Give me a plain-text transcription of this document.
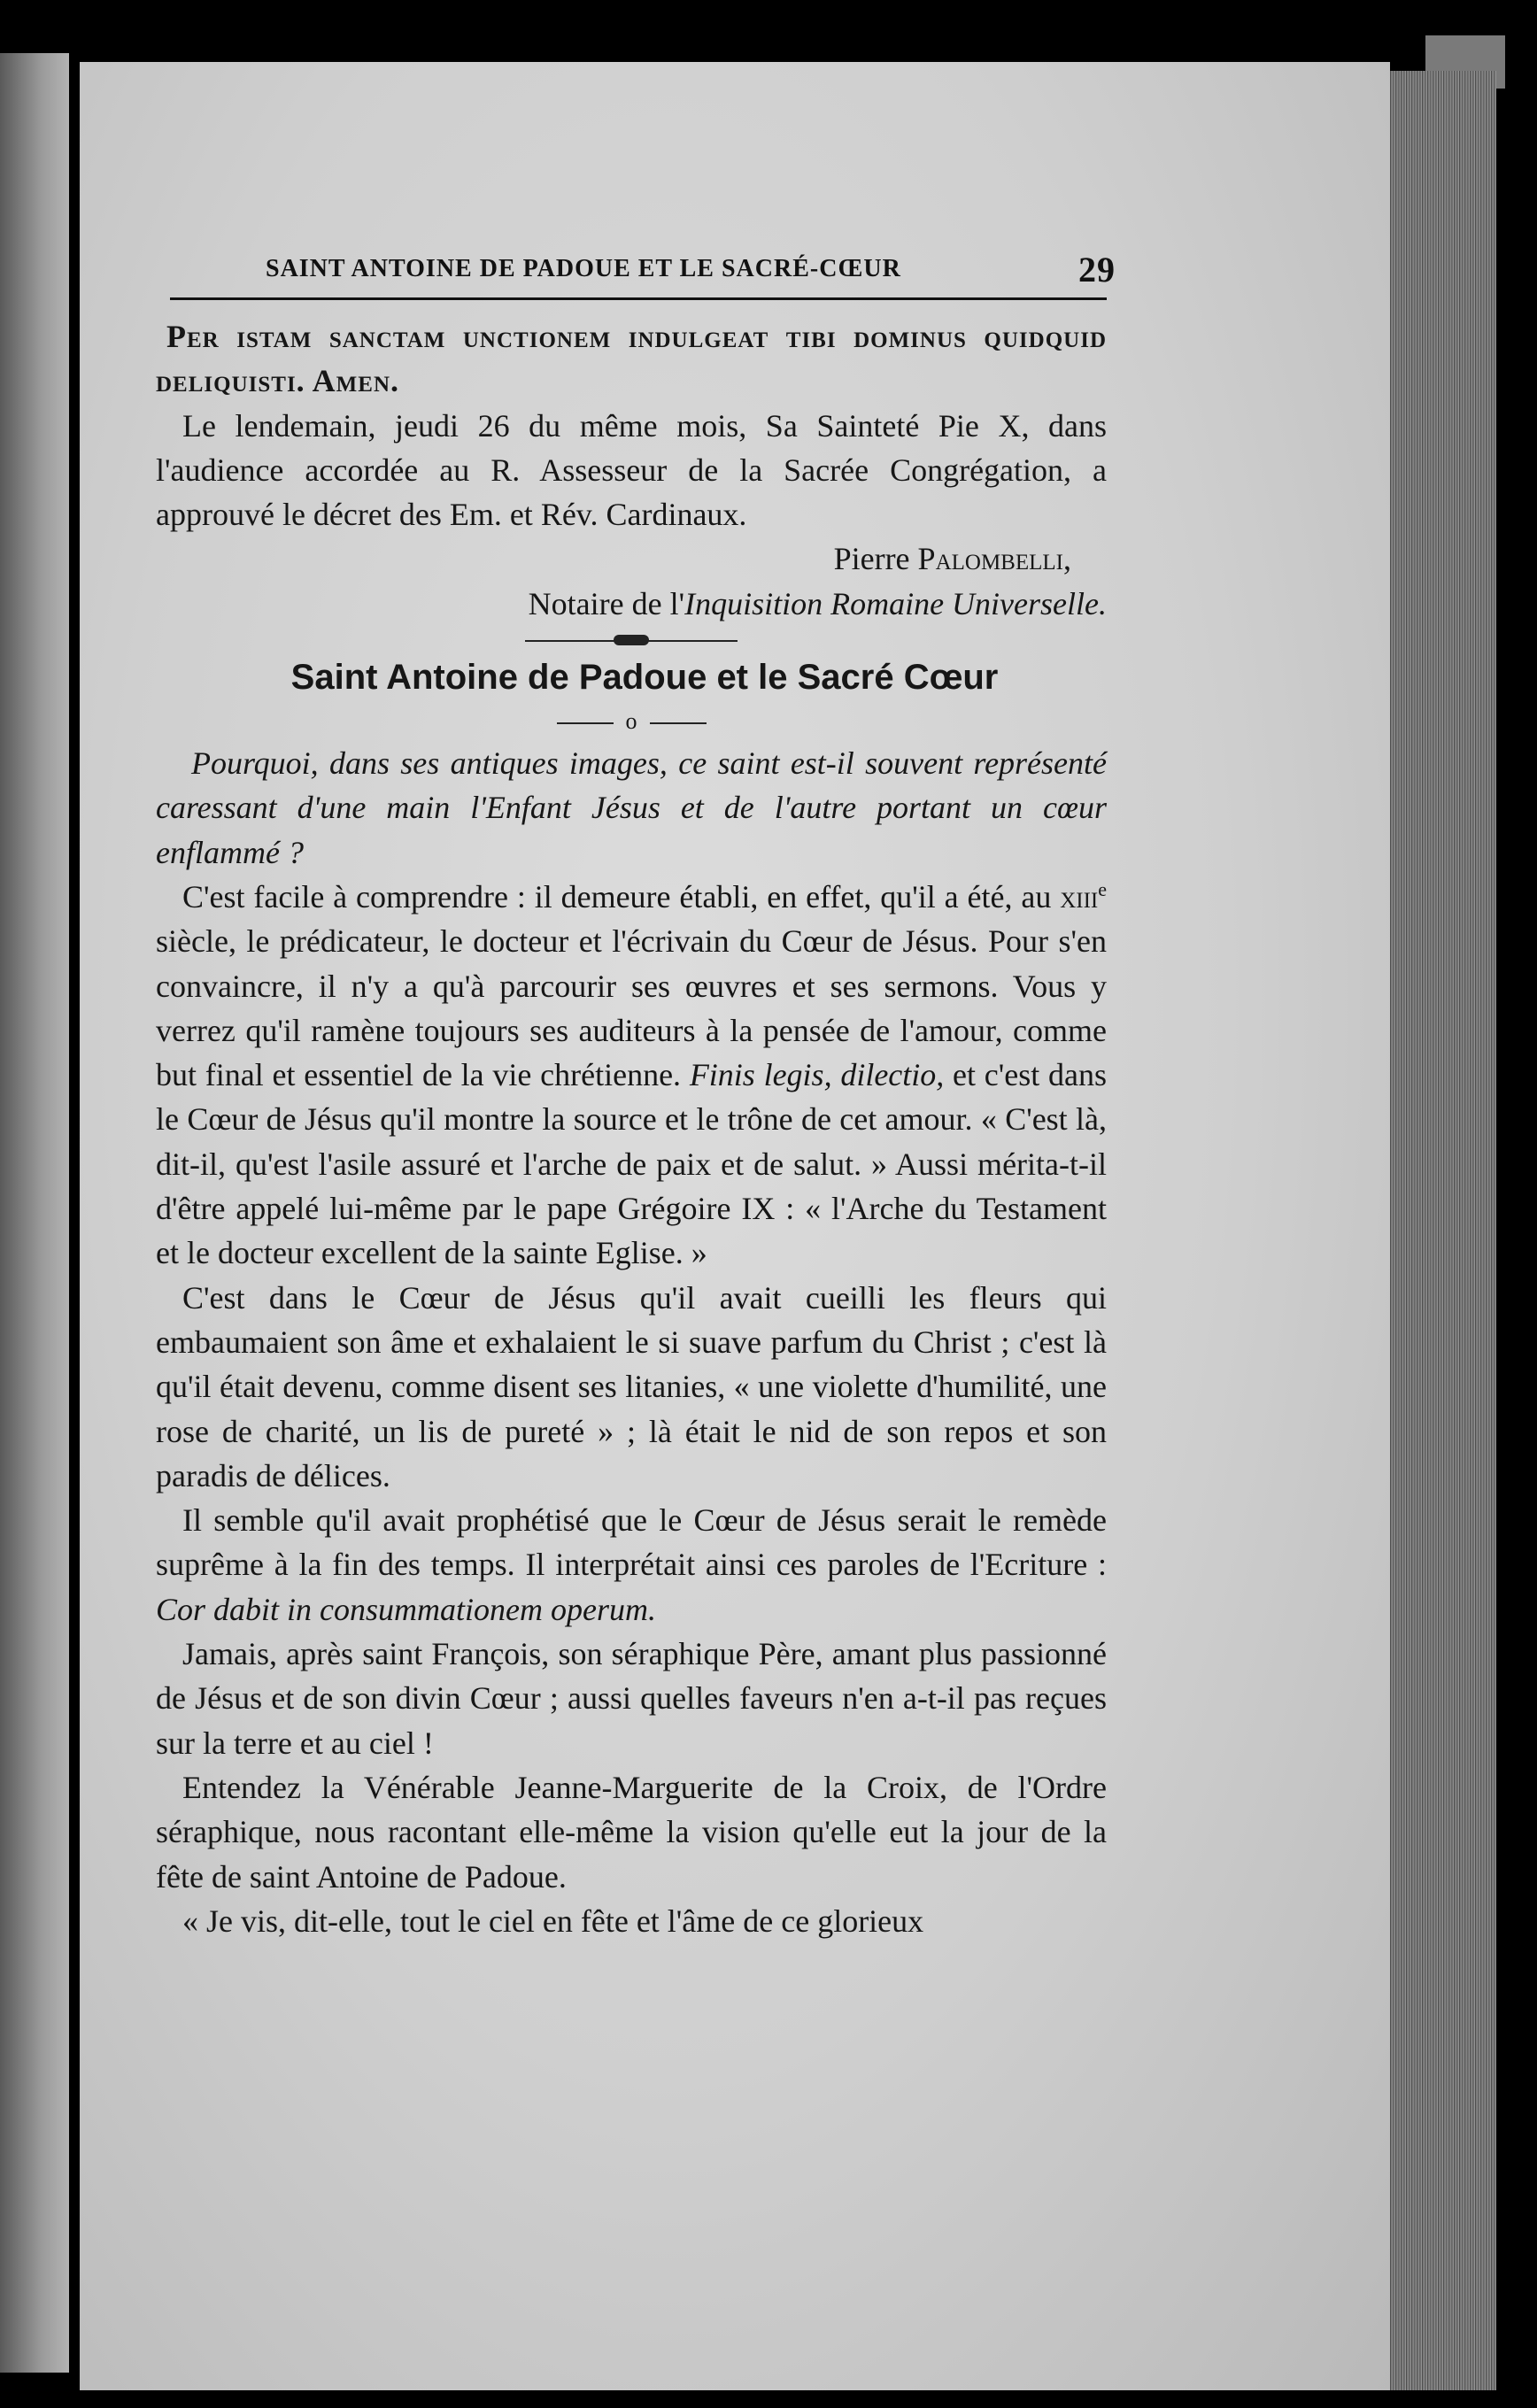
SAINT ANTOINE DE PADOUE ET LE SACRÉ-CŒUR	29

Per istam sanctam unctionem indulgeat tibi dominus quidquid deliquisti. Amen.

Le lendemain, jeudi 26 du même mois, Sa Sainteté Pie X, dans l'audience accordée au R. Assesseur de la Sacrée Congrégation, a approuvé le décret des Em. et Rév. Cardinaux.

Pierre Palombelli,

Notaire de l'Inquisition Romaine Universelle.

Saint Antoine de Padoue et le Sacré Cœur

o

Pourquoi, dans ses antiques images, ce saint est-il souvent représenté caressant d'une main l'Enfant Jésus et de l'autre portant un cœur enflammé ?

C'est facile à comprendre : il demeure établi, en effet, qu'il a été, au xiii$^e$ siècle, le prédicateur, le docteur et l'écrivain du Cœur de Jésus. Pour s'en convaincre, il n'y a qu'à parcourir ses œuvres et ses sermons. Vous y verrez qu'il ramène toujours ses auditeurs à la pensée de l'amour, comme but final et essentiel de la vie chrétienne. Finis legis, dilectio, et c'est dans le Cœur de Jésus qu'il montre la source et le trône de cet amour. « C'est là, dit-il, qu'est l'asile assuré et l'arche de paix et de salut. » Aussi mérita-t-il d'être appelé lui-même par le pape Grégoire IX : « l'Arche du Testament et le docteur excellent de la sainte Eglise. »

C'est dans le Cœur de Jésus qu'il avait cueilli les fleurs qui embaumaient son âme et exhalaient le si suave parfum du Christ ; c'est là qu'il était devenu, comme disent ses litanies, « une violette d'humilité, une rose de charité, un lis de pureté » ; là était le nid de son repos et son paradis de délices.

Il semble qu'il avait prophétisé que le Cœur de Jésus serait le remède suprême à la fin des temps. Il interprétait ainsi ces paroles de l'Ecriture : Cor dabit in consummationem operum.

Jamais, après saint François, son séraphique Père, amant plus passionné de Jésus et de son divin Cœur ; aussi quelles faveurs n'en a-t-il pas reçues sur la terre et au ciel !

Entendez la Vénérable Jeanne-Marguerite de la Croix, de l'Ordre séraphique, nous racontant elle-même la vision qu'elle eut la jour de la fête de saint Antoine de Padoue.

« Je vis, dit-elle, tout le ciel en fête et l'âme de ce glorieux
